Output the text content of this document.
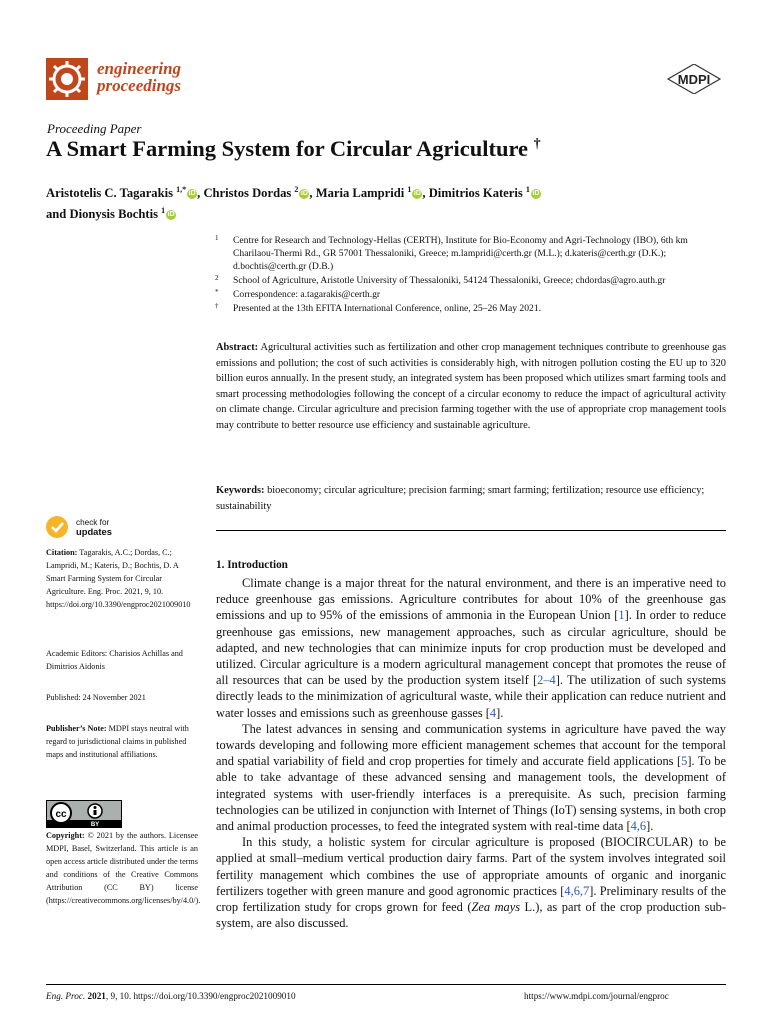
engineering
proceedings	MDPI
Proceeding Paper
A Smart Farming System for Circular Agriculture †
Aristotelis C. Tagarakis $^{1,*}$ iD , Christos Dordas $^2$ iD , Maria Lampridi $^1$ iD , Dimitrios Kateris $^1$ iD
and Dionysis Bochtis $^1$ iD
1 Centre for Research and Technology-Hellas (CERTH), Institute for Bio-Economy and Agri-Technology (IBO), 6th km Charilaou-Thermi Rd., GR 57001 Thessaloniki, Greece; m.lampridi@certh.gr (M.L.); d.kateris@certh.gr (D.K.); d.bochtis@certh.gr (D.B.)
2 School of Agriculture, Aristotle University of Thessaloniki, 54124 Thessaloniki, Greece; chdordas@agro.auth.gr
* Correspondence: a.tagarakis@certh.gr
† Presented at the 13th EFITA International Conference, online, 25–26 May 2021.
Abstract: Agricultural activities such as fertilization and other crop management techniques contribute to greenhouse gas emissions and pollution; the cost of such activities is considerably high, with nitrogen pollution costing the EU up to 320 billion euros annually. In the present study, an integrated system has been proposed which utilizes smart farming tools and smart processing methodologies following the concept of a circular economy to reduce the impact of agricultural activity on climate change. Circular agriculture and precision farming together with the use of appropriate crop management tools may contribute to better resource use efficiency and sustainable agriculture.
Keywords: bioeconomy; circular agriculture; precision farming; smart farming; fertilization; resource use efficiency; sustainability
check for
updates
Citation: Tagarakis, A.C.; Dordas, C.; Lampridi, M.; Kateris, D.; Bochtis, D. A Smart Farming System for Circular Agriculture. Eng. Proc. 2021, 9, 10. https://doi.org/10.3390/engproc2021009010
Academic Editors: Charisios Achillas and Dimitrios Aidonis
Published: 24 November 2021
Publisher’s Note: MDPI stays neutral with regard to jurisdictional claims in published maps and institutional affiliations.
cc
BY
Copyright: © 2021 by the authors. Licensee MDPI, Basel, Switzerland. This article is an open access article distributed under the terms and conditions of the Creative Commons Attribution (CC BY) license (https://creativecommons.org/licenses/by/4.0/).
1. Introduction

Climate change is a major threat for the natural environment, and there is an imperative need to reduce greenhouse gas emissions. Agriculture contributes for about 10% of the greenhouse gas emissions and up to 95% of the emissions of ammonia in the European Union [1]. In order to reduce greenhouse gas emissions, new management approaches, such as circular agriculture, should be adapted, and new technologies that can minimize inputs for crop production must be developed and utilized. Circular agriculture is a modern agricultural management concept that promotes the reuse of all resources that can be used by the production system itself [2–4]. The utilization of such systems directly leads to the minimization of agricultural waste, while their application can reduce nutrient and water losses and emissions such as greenhouse gasses [4].

The latest advances in sensing and communication systems in agriculture have paved the way towards developing and following more efficient management schemes that account for the temporal and spatial variability of field and crop properties for timely and accurate field applications [5]. To be able to take advantage of these advanced sensing and management tools, the development of integrated systems with user-friendly interfaces is a prerequisite. As such, precision farming technologies can be utilized in conjunction with Internet of Things (IoT) sensing systems, in both crop and animal production processes, to feed the integrated system with real-time data [4,6].

In this study, a holistic system for circular agriculture is proposed (BIOCIRCULAR) to be applied at small–medium vertical production dairy farms. Part of the system involves integrated soil fertility management which combines the use of appropriate amounts of organic and inorganic fertilizers together with green manure and good agronomic practices [4,6,7]. Preliminary results of the crop fertilization study for crops grown for feed (Zea mays L.), as part of the crop production sub-system, are also discussed.

Eng. Proc. 2021, 9, 10. https://doi.org/10.3390/engproc2021009010	https://www.mdpi.com/journal/engproc
